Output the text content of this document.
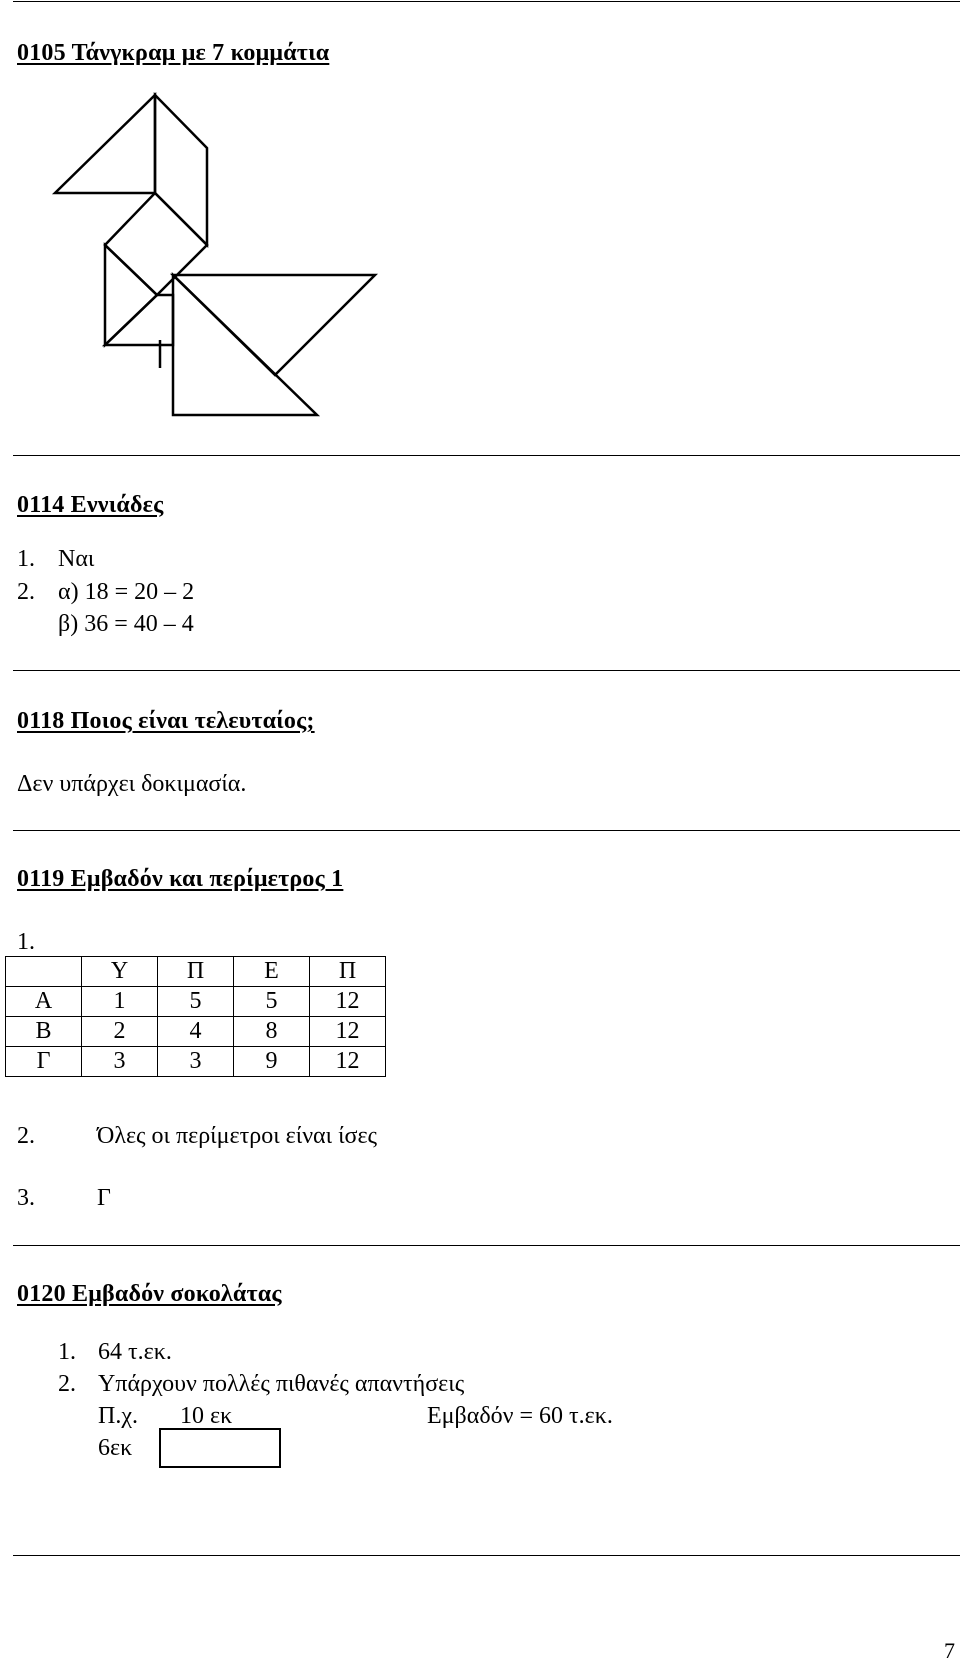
0105 Τάνγκραμ με 7 κομμάτια
0114 Εννιάδες
1. Ναι
2. α) 18 = 20 – 2
β) 36 = 40 – 4
0118 Ποιος είναι τελευταίος;
Δεν υπάρχει δοκιμασία.
0119 Εμβαδόν και περίμετρος 1
1.
	Υ	Π	Ε	Π
Α	1	5	5	12
Β	2	4	8	12
Γ	3	3	9	12
2.	Όλες οι περίμετροι είναι ίσες
3.	Γ
0120 Εμβαδόν σοκολάτας
1. 64 τ.εκ.
2. Υπάρχουν πολλές πιθανές απαντήσεις
Π.χ. 10 εκ	Εμβαδόν = 60 τ.εκ.
6εκ
7
